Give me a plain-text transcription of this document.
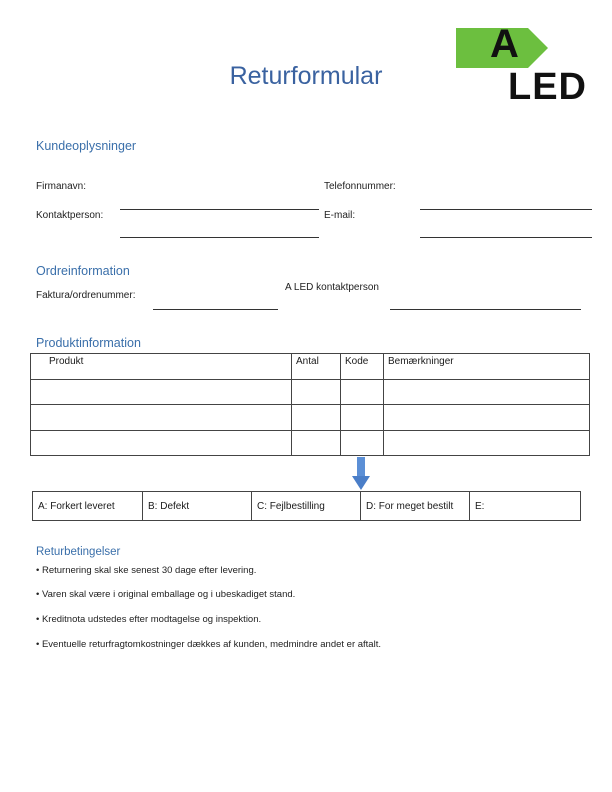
Returformular
A
LED
Kundeoplysninger
Firmanavn:	Telefonnummer:
Kontaktperson:	E-mail:
Ordreinformation
Faktura/ordrenummer:
A LED kontaktperson
Produktinformation
Produkt	Antal	Kode	Bemærkninger

A: Forkert leveret	B: Defekt	C: Fejlbestilling	D: For meget bestilt	E:
Returbetingelser
• Returnering skal ske senest 30 dage efter levering.
• Varen skal være i original emballage og i ubeskadiget stand.
• Kreditnota udstedes efter modtagelse og inspektion.
• Eventuelle returfragtomkostninger dækkes af kunden, medmindre andet er aftalt.
